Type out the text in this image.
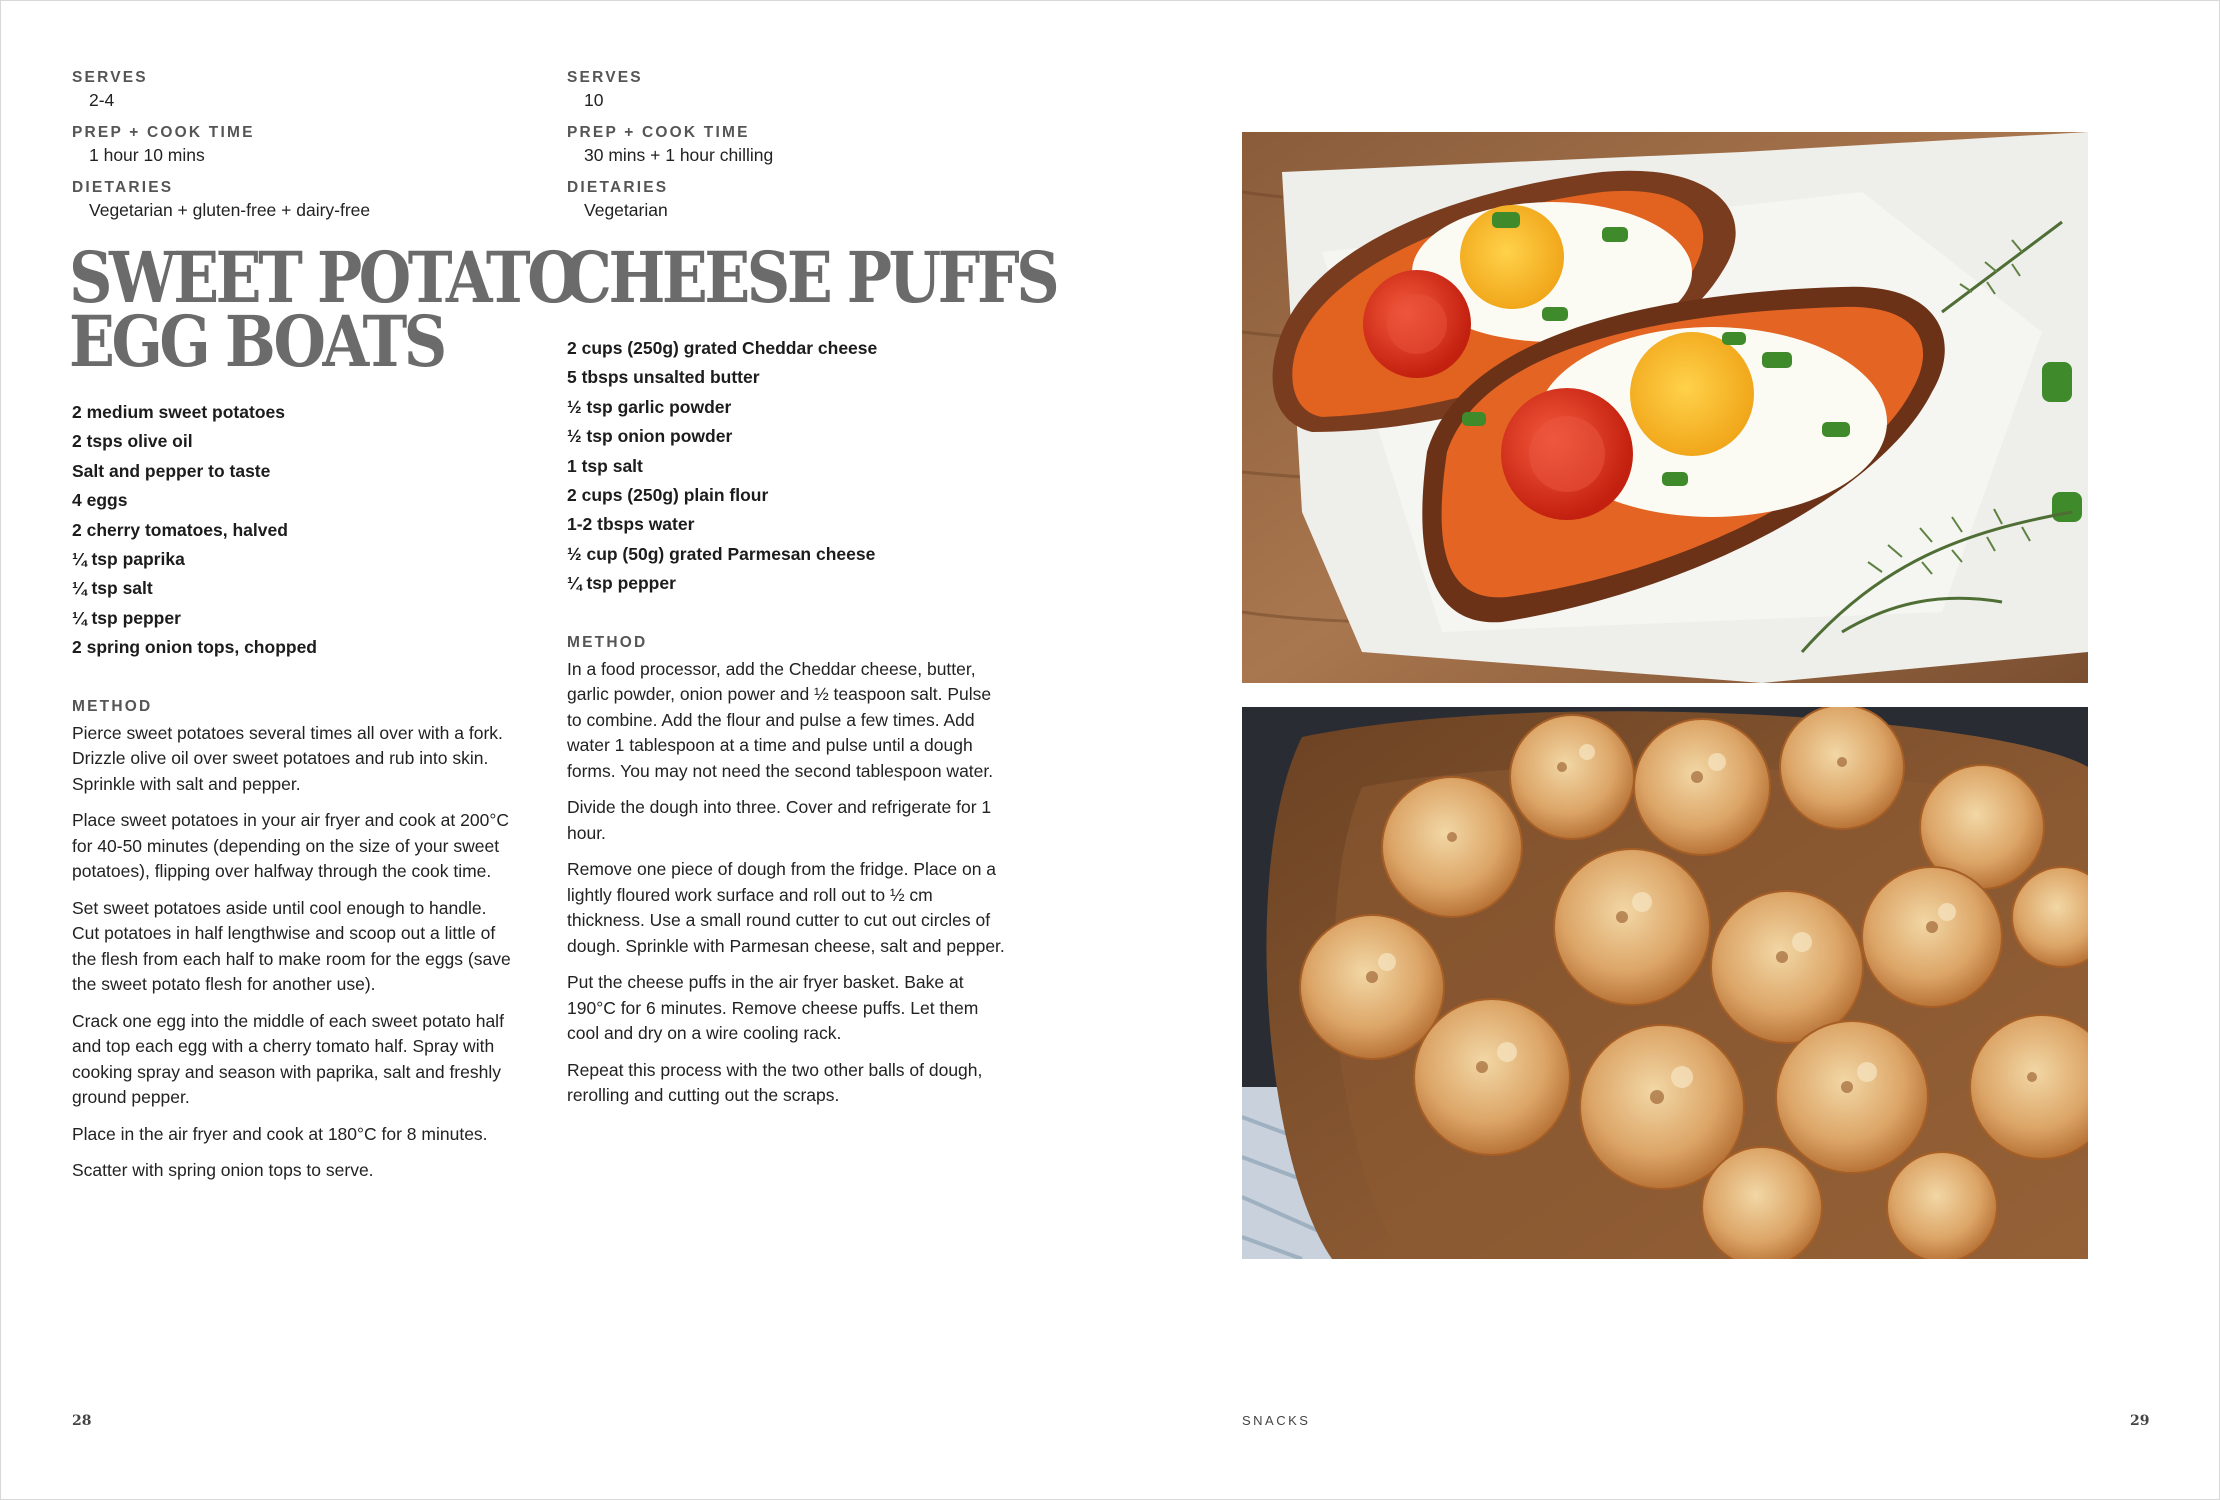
SERVES
2-4
PREP + COOK TIME
1 hour 10 mins
DIETARIES
Vegetarian + gluten-free + dairy-free
SWEET POTATO
EGG BOATS
2 medium sweet potatoes
2 tsps olive oil
Salt and pepper to taste
4 eggs
2 cherry tomatoes, halved
¼ tsp paprika
¼ tsp salt
¼ tsp pepper
2 spring onion tops, chopped
METHOD

Pierce sweet potatoes several times all over with a fork. Drizzle olive oil over sweet potatoes and rub into skin. Sprinkle with salt and pepper.

Place sweet potatoes in your air fryer and cook at 200°C for 40-50 minutes (depending on the size of your sweet potatoes), flipping over halfway through the cook time.

Set sweet potatoes aside until cool enough to handle. Cut potatoes in half lengthwise and scoop out a little of the flesh from each half to make room for the eggs (save the sweet potato flesh for another use).

Crack one egg into the middle of each sweet potato half and top each egg with a cherry tomato half. Spray with cooking spray and season with paprika, salt and freshly ground pepper.

Place in the air fryer and cook at 180°C for 8 minutes.

Scatter with spring onion tops to serve.

SERVES
10
PREP + COOK TIME
30 mins + 1 hour chilling
DIETARIES
Vegetarian
CHEESE PUFFS
2 cups (250g) grated Cheddar cheese
5 tbsps unsalted butter
½ tsp garlic powder
½ tsp onion powder
1 tsp salt
2 cups (250g) plain flour
1-2 tbsps water
½ cup (50g) grated Parmesan cheese
¼ tsp pepper
METHOD

In a food processor, add the Cheddar cheese, butter, garlic powder, onion power and ½ teaspoon salt. Pulse to combine. Add the flour and pulse a few times. Add water 1 tablespoon at a time and pulse until a dough forms. You may not need the second tablespoon water.

Divide the dough into three. Cover and refrigerate for 1 hour.

Remove one piece of dough from the fridge. Place on a lightly floured work surface and roll out to ½ cm thickness. Use a small round cutter to cut out circles of dough. Sprinkle with Parmesan cheese, salt and pepper.

Put the cheese puffs in the air fryer basket. Bake at 190°C for 6 minutes. Remove cheese puffs. Let them cool and dry on a wire cooling rack.

Repeat this process with the two other balls of dough, rerolling and cutting out the scraps.

28	SNACKS	29
